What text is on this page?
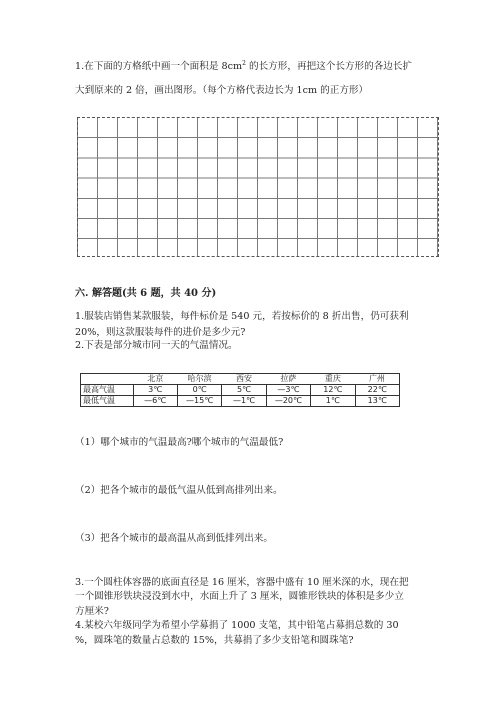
1.在下面的方格纸中画一个面积是 $8cm^2$ 的长方形，再把这个长方形的各边长扩
大到原来的 2 倍，画出图形。（每个方格代表边长为 1cm 的正方形）
六. 解答题(共 6 题，共 40 分)
1.服装店销售某款服装，每件标价是 540 元，若按标价的 8 折出售，仍可获利
20%，则这款服装每件的进价是多少元?
2.下表是部分城市同一天的气温情况。
	北京	哈尔滨	西安	拉萨	重庆	广州
最高气温	3℃	0℃	5℃	—3℃	12℃	22℃
最低气温	—6℃	—15℃	—1℃	—20℃	1℃	13℃
（1）哪个城市的气温最高?哪个城市的气温最低?
（2）把各个城市的最低气温从低到高排列出来。
（3）把各个城市的最高温从高到低排列出来。
3.一个圆柱体容器的底面直径是 16 厘米，容器中盛有 10 厘米深的水，现在把
一个圆锥形铁块浸没到水中，水面上升了 3 厘米，圆锥形铁块的体积是多少立
方厘米?
4.某校六年级同学为希望小学募捐了 1000 支笔，其中铅笔占募捐总数的 30
%，圆珠笔的数量占总数的 15%，共募捐了多少支铅笔和圆珠笔?
